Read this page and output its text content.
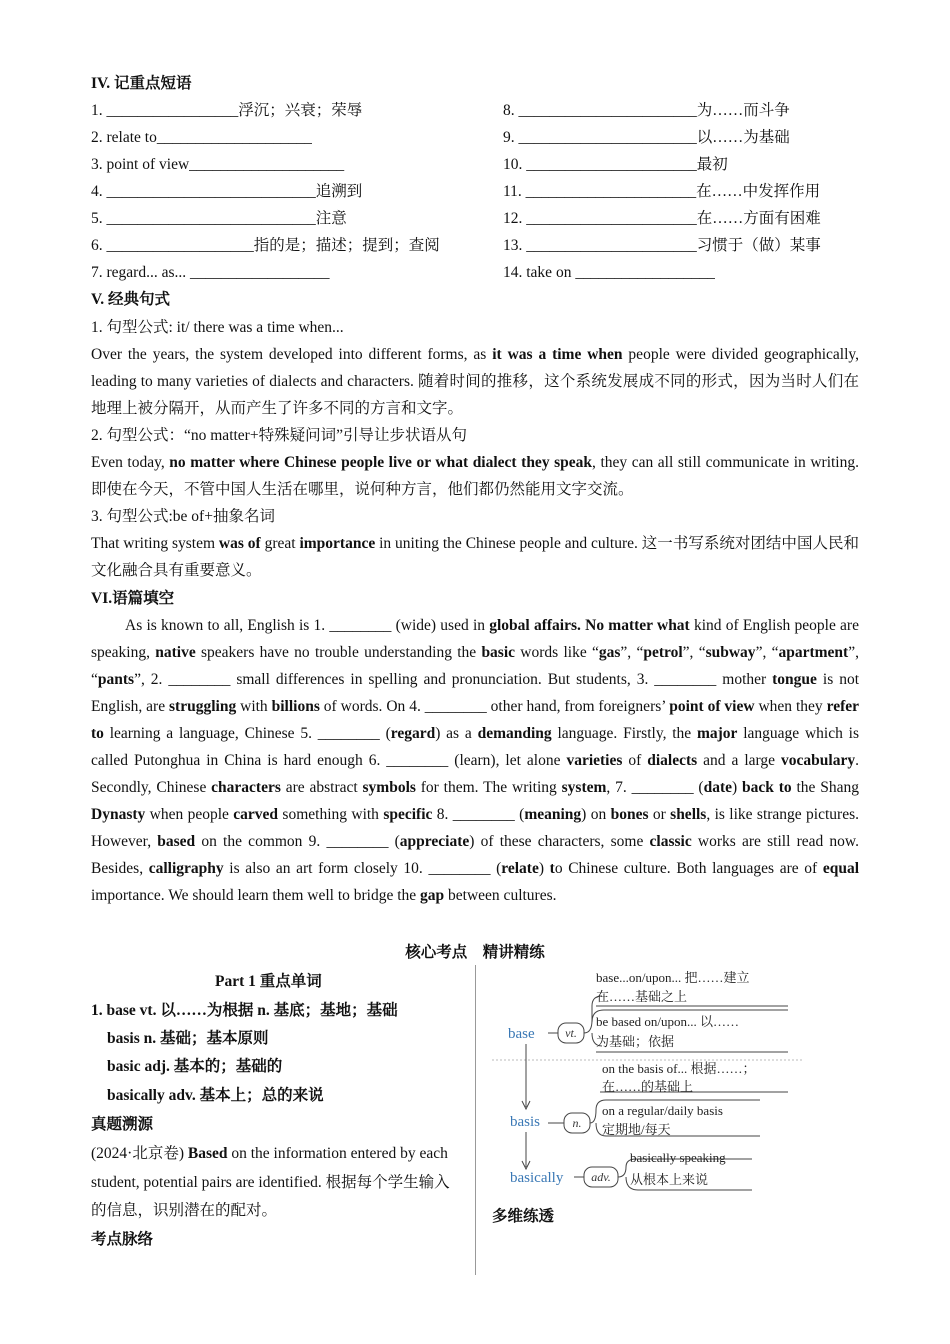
IV. 记重点短语
1. _________________浮沉；兴衰；荣辱
2. relate to____________________
3. point of view____________________
4. ___________________________追溯到
5. ___________________________注意
6. ___________________指的是；描述；提到；查阅
7. regard... as... __________________
8. _______________________为……而斗争
9. _______________________以……为基础
10. ______________________最初
11. ______________________在……中发挥作用
12. ______________________在……方面有困难
13. ______________________习惯于（做）某事
14. take on __________________
V. 经典句式
1. 句型公式: it/ there was a time when...
Over the years, the system developed into different forms, as it was a time when people were divided geographically, leading to many varieties of dialects and characters. 随着时间的推移，这个系统发展成不同的形式，因为当时人们在地理上被分隔开，从而产生了许多不同的方言和文字。
2. 句型公式：“no matter+特殊疑问词”引导让步状语从句
Even today, no matter where Chinese people live or what dialect they speak, they can all still communicate in writing. 即使在今天，不管中国人生活在哪里，说何种方言，他们都仍然能用文字交流。
3. 句型公式:be of+抽象名词
That writing system was of great importance in uniting the Chinese people and culture. 这一书写系统对团结中国人民和文化融合具有重要意义。
VI.语篇填空
As is known to all, English is 1. ________ (wide) used in global affairs. No matter what kind of English people are speaking, native speakers have no trouble understanding the basic words like “gas”, “petrol”, “subway”, “apartment”, “pants”, 2. ________ small differences in spelling and pronunciation. But students, 3. ________ mother tongue is not English, are struggling with billions of words. On 4. ________ other hand, from foreigners’ point of view when they refer to learning a language, Chinese 5. ________ (regard) as a demanding language. Firstly, the major language which is called Putonghua in China is hard enough 6. ________ (learn), let alone varieties of dialects and a large vocabulary. Secondly, Chinese characters are abstract symbols for them. The writing system, 7. ________ (date) back to the Shang Dynasty when people carved something with specific 8. ________ (meaning) on bones or shells, is like strange pictures. However, based on the common 9. ________ (appreciate) of these characters, some classic works are still read now. Besides, calligraphy is also an art form closely 10. ________ (relate) to Chinese culture. Both languages are of equal importance. We should learn them well to bridge the gap between cultures.
核心考点　精讲精练
Part 1 重点单词
1. base vt. 以……为根据 n. 基底；基地；基础
basis n. 基础；基本原则
basic adj. 基本的；基础的
basically adv. 基本上；总的来说
真题溯源
(2024·北京卷) Based on the information entered by each student, potential pairs are identified. 根据每个学生输入的信息，识别潜在的配对。
考点脉络
base...on/upon... 把……建立
在……基础之上
be based on/upon... 以……
为基础；依据
on the basis of... 根据……；
在……的基础上
on a regular/daily basis
定期地/每天
basically speaking
从根本上来说
base
basis
basically
vt.
n.
adv.
多维练透
